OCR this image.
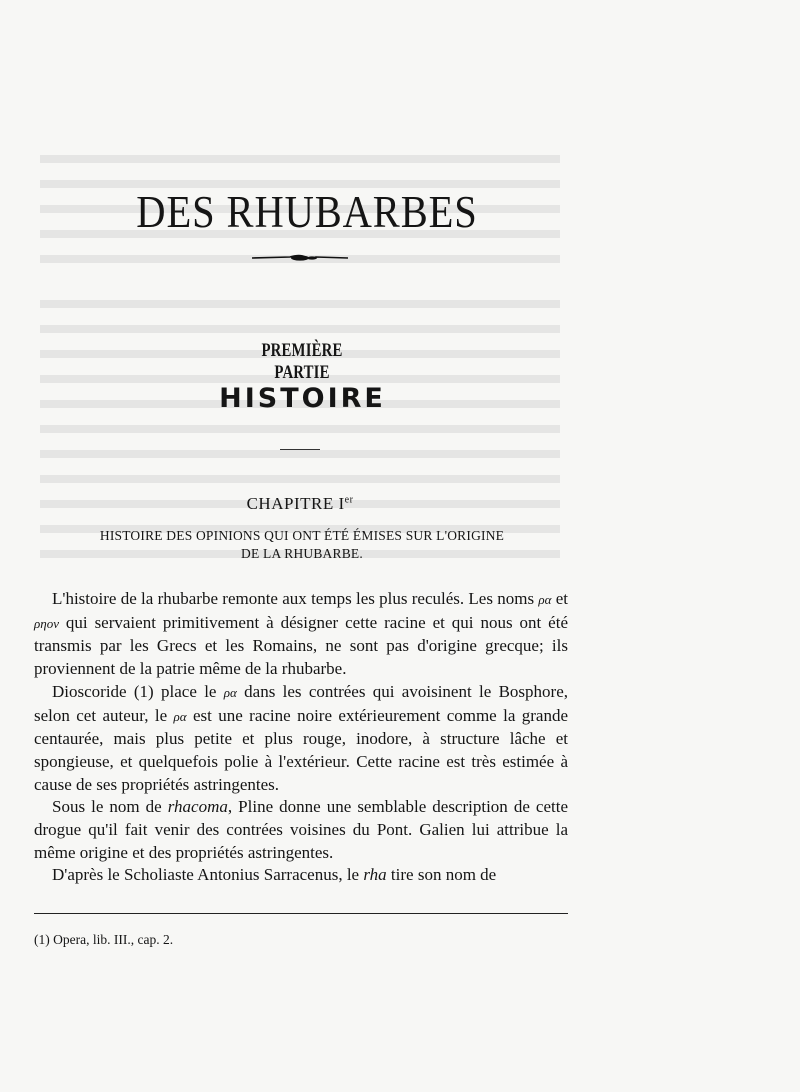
DES RHUBARBES
PREMIÈRE PARTIE
HISTOIRE
CHAPITRE Ier
HISTOIRE DES OPINIONS QUI ONT ÉTÉ ÉMISES SUR L'ORIGINE
DE LA RHUBARBE.

L'histoire de la rhubarbe remonte aux temps les plus reculés. Les noms ρα et ρηον qui servaient primitivement à désigner cette racine et qui nous ont été transmis par les Grecs et les Romains, ne sont pas d'origine grecque; ils proviennent de la patrie même de la rhubarbe.

Dioscoride (1) place le ρα dans les contrées qui avoisinent le Bosphore, selon cet auteur, le ρα est une racine noire extérieurement comme la grande centaurée, mais plus petite et plus rouge, inodore, à structure lâche et spongieuse, et quelquefois polie à l'extérieur. Cette racine est très estimée à cause de ses propriétés astringentes.

Sous le nom de rhacoma, Pline donne une semblable description de cette drogue qu'il fait venir des contrées voisines du Pont. Galien lui attribue la même origine et des propriétés astringentes.

D'après le Scholiaste Antonius Sarracenus, le rha tire son nom de

(1) Opera, lib. III., cap. 2.
